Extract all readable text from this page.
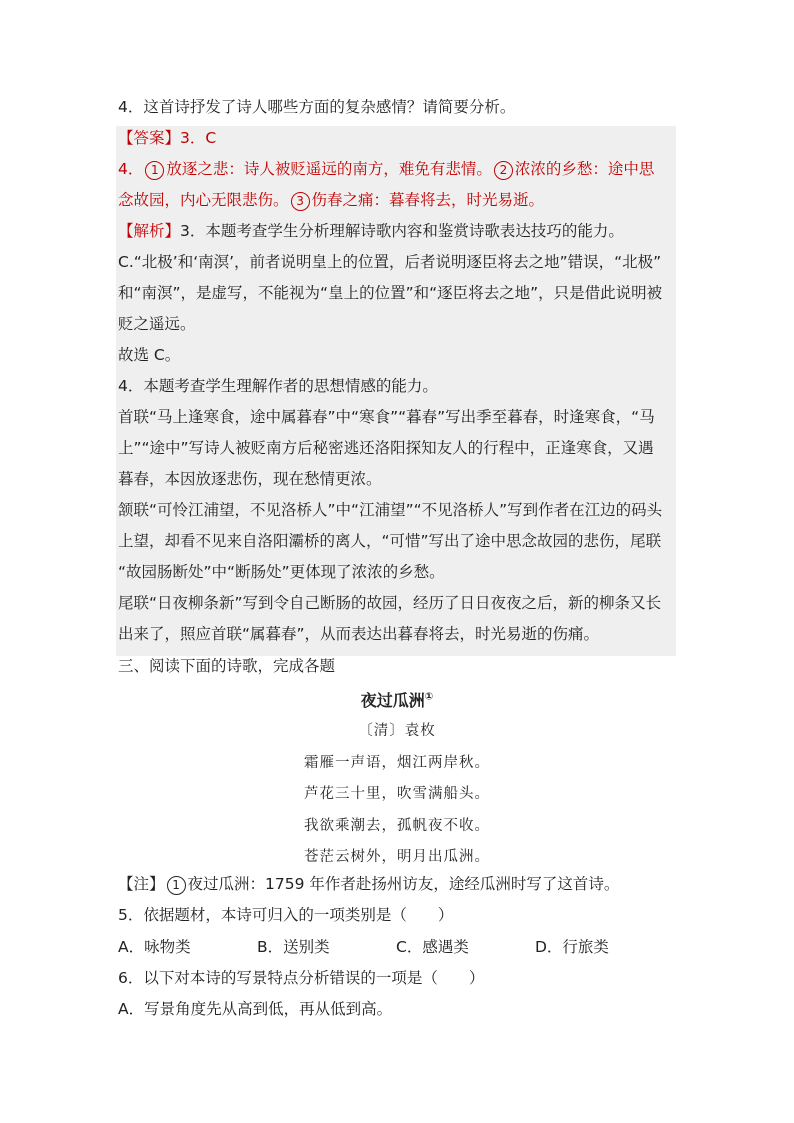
4．这首诗抒发了诗人哪些方面的复杂感情？请简要分析。
【答案】3．C
4． 1 放逐之悲：诗人被贬遥远的南方，难免有悲情。 2 浓浓的乡愁：途中思
念故园，内心无限悲伤。 3 伤春之痛：暮春将去，时光易逝。
【解析】3．本题考查学生分析理解诗歌内容和鉴赏诗歌表达技巧的能力。
C.“北极’和‘南溟’，前者说明皇上的位置，后者说明逐臣将去之地”错误，“北极”
和“南溟”，是虚写，不能视为“皇上的位置”和“逐臣将去之地”，只是借此说明被
贬之遥远。
故选 C。
4．本题考查学生理解作者的思想情感的能力。
首联“马上逢寒食，途中属暮春”中“寒食”“暮春”写出季至暮春，时逢寒食，“马
上”“途中”写诗人被贬南方后秘密逃还洛阳探知友人的行程中，正逢寒食，又遇
暮春，本因放逐悲伤，现在愁情更浓。
颔联“可怜江浦望，不见洛桥人”中“江浦望”“不见洛桥人”写到作者在江边的码头
上望，却看不见来自洛阳灞桥的离人，“可惜”写出了途中思念故园的悲伤，尾联
“故园肠断处”中“断肠处”更体现了浓浓的乡愁。
尾联“日夜柳条新”写到令自己断肠的故园，经历了日日夜夜之后，新的柳条又长
出来了，照应首联“属暮春”，从而表达出暮春将去，时光易逝的伤痛。
三、阅读下面的诗歌，完成各题
夜过瓜洲①
〔清〕袁枚
霜雁一声语，烟江两岸秋。
芦花三十里，吹雪满船头。
我欲乘潮去，孤帆夜不收。
苍茫云树外，明月出瓜洲。
【注】 1 夜过瓜洲：1759 年作者赴扬州访友，途经瓜洲时写了这首诗。
5．依据题材，本诗可归入的一项类别是（　　）
A．咏物类	B．送别类	C．感遇类	D．行旅类
6．以下对本诗的写景特点分析错误的一项是（　　）
A．写景角度先从高到低，再从低到高。
